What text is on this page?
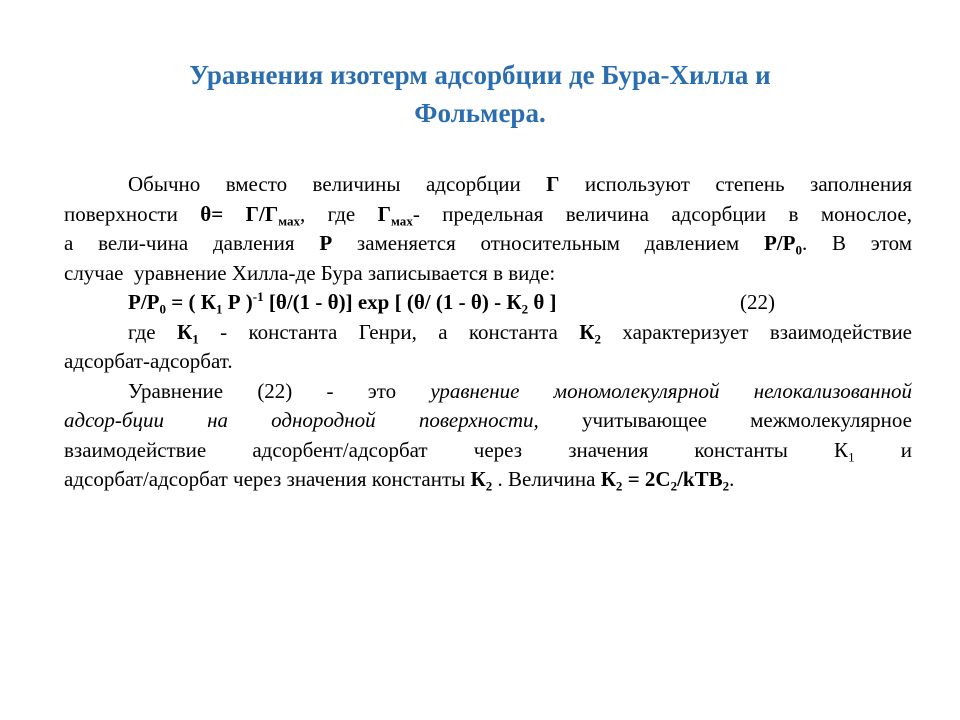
Уравнения изотерм адсорбции де Бура-Хилла и
Фольмера.
Обычно вместо величины адсорбции Г используют степень заполнения
поверхности $\theta= Г/Г_{мах}$, где $Г_{мах}-$ предельная величина адсорбции в монослое,
а вели-чина давления Р заменяется относительным давлением $Р/Р_0$. В этом
случае  уравнение Хилла-де Бура записывается в виде:
$Р/Р_0$ = ( $К_1$ Р )$^{-1}$ [θ/(1 - θ)] exp [ (θ/ $(1 - \theta) - К_2$ θ ]	(22)
где $К_1$ - константа Генри, а константа $К_2$ характеризует взаимодействие
адсорбат-адсорбат.
Уравнение (22) - это уравнение мономолекулярной нелокализованной
адсор-бции на однородной поверхности, учитывающее межмолекулярное
взаимодействие адсорбент/адсорбат через значения константы $К_1$ и
адсорбат/адсорбат через значения константы $К_2$ . Величина $К_2 = 2С_2/kТВ_2$.
